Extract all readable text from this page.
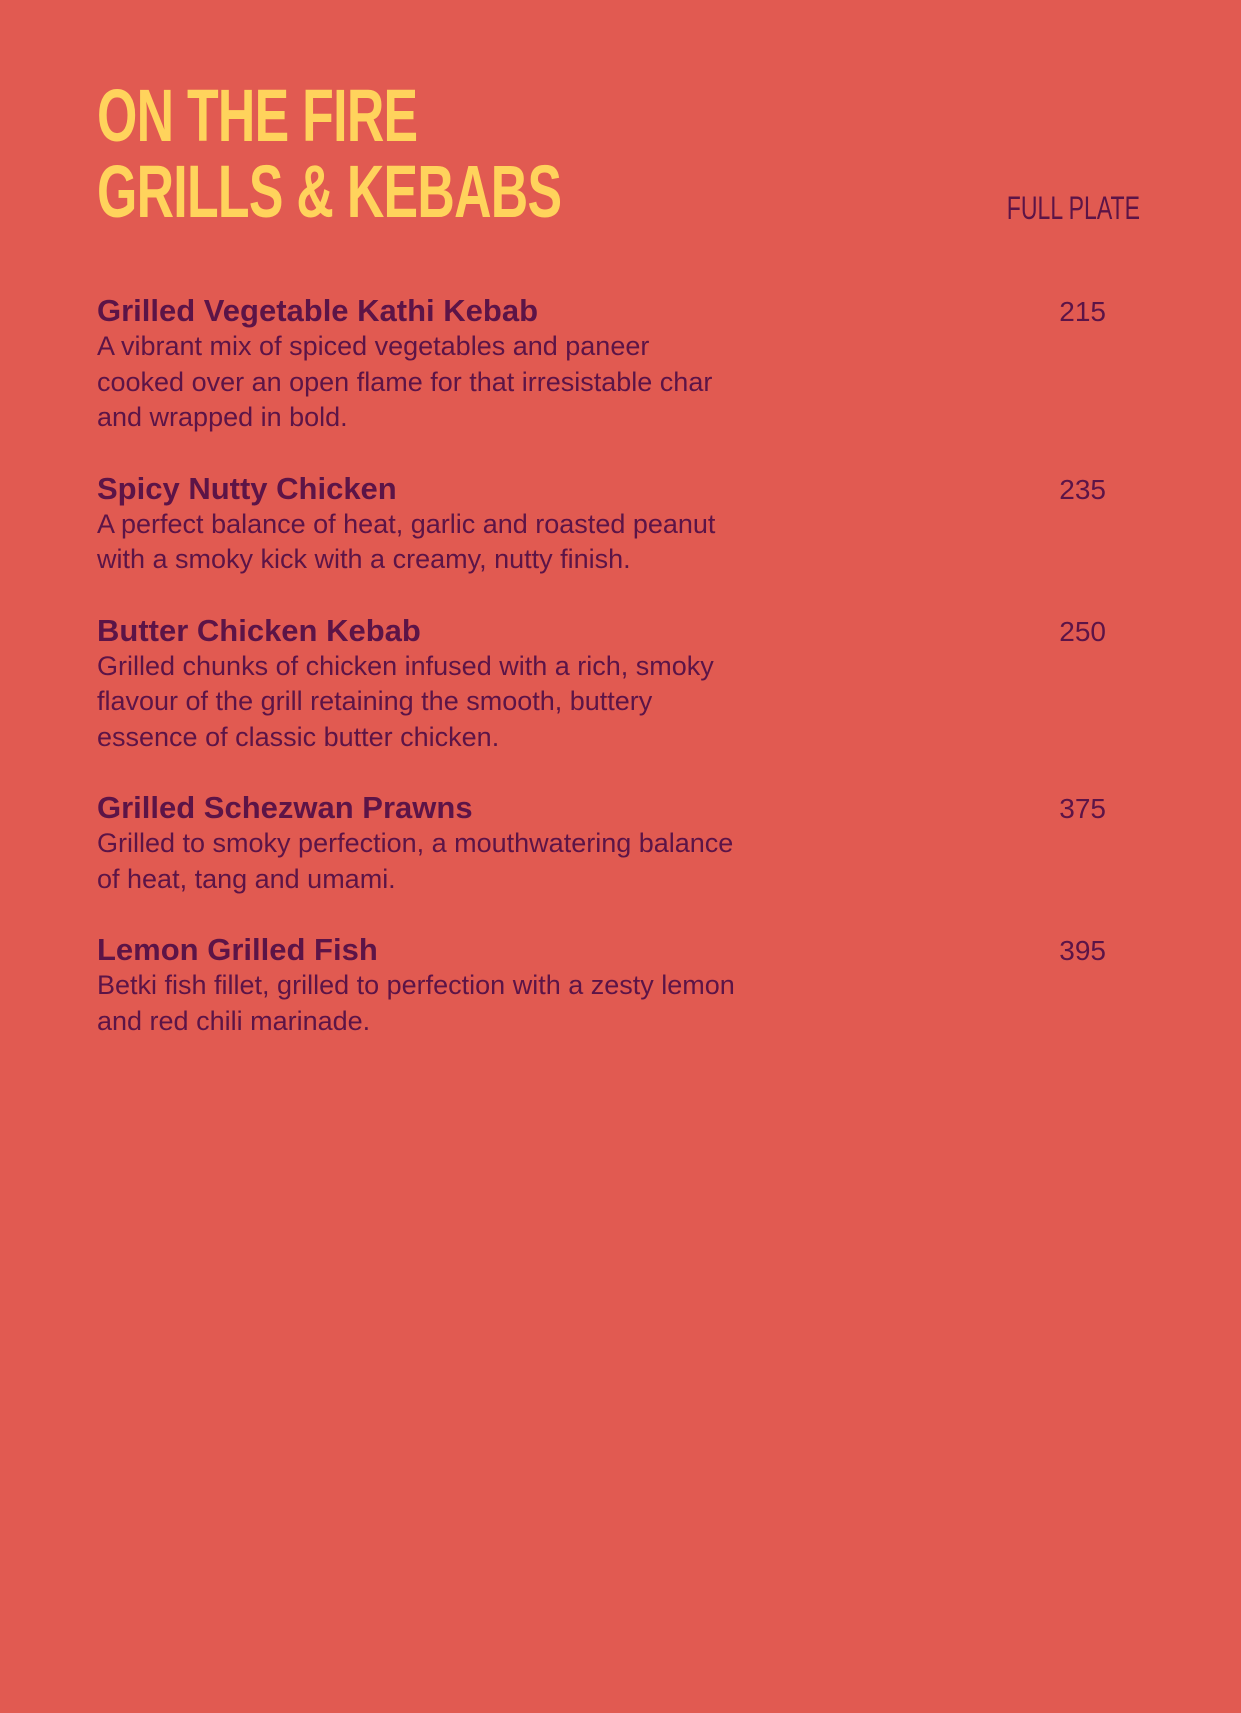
ON THE FIRE
GRILLS & KEBABS	FULL PLATE
Grilled Vegetable Kathi Kebab
A vibrant mix of spiced vegetables and paneer cooked over an open flame for that irresistable char and wrapped in bold.
215
Spicy Nutty Chicken
A perfect balance of heat, garlic and roasted peanut with a smoky kick with a creamy, nutty finish.
235
Butter Chicken Kebab
Grilled chunks of chicken infused with a rich, smoky flavour of the grill retaining the smooth, buttery essence of classic butter chicken.
250
Grilled Schezwan Prawns
Grilled to smoky perfection, a mouthwatering balance of heat, tang and umami.
375
Lemon Grilled Fish
Betki fish fillet, grilled to perfection with a zesty lemon and red chili marinade.
395
